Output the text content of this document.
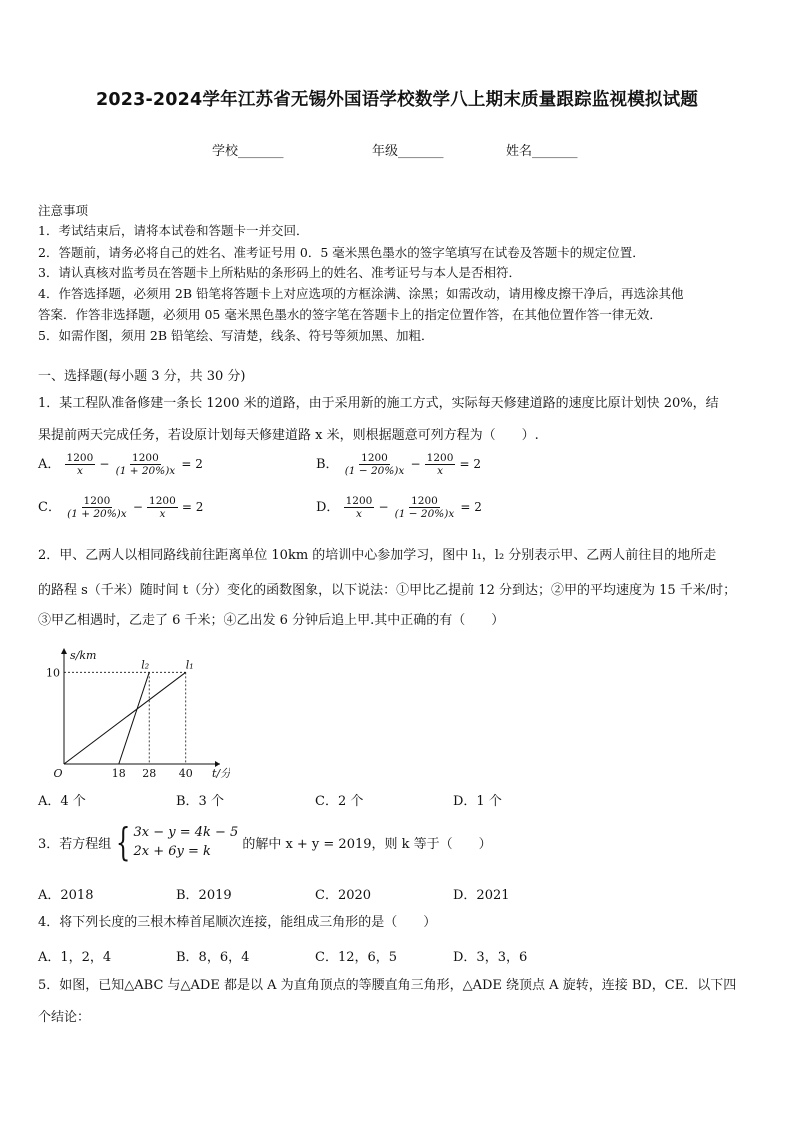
2023-2024学年江苏省无锡外国语学校数学八上期末质量跟踪监视模拟试题
学校_______	年级_______	姓名_______
注意事项
1．考试结束后，请将本试卷和答题卡一并交回．
2．答题前，请务必将自己的姓名、准考证号用 0．5 毫米黑色墨水的签字笔填写在试卷及答题卡的规定位置．
3．请认真核对监考员在答题卡上所粘贴的条形码上的姓名、准考证号与本人是否相符．
4．作答选择题，必须用 2B 铅笔将答题卡上对应选项的方框涂满、涂黑；如需改动，请用橡皮擦干净后，再选涂其他
答案．作答非选择题，必须用 05 毫米黑色墨水的签字笔在答题卡上的指定位置作答，在其他位置作答一律无效．
5．如需作图，须用 2B 铅笔绘、写清楚，线条、符号等须加黑、加粗．
一、选择题(每小题 3 分，共 30 分)
1．某工程队准备修建一条长 1200 米的道路，由于采用新的施工方式，实际每天修建道路的速度比原计划快 20%，结
果提前两天完成任务，若设原计划每天修建道路 x 米，则根据题意可列方程为（　　）.
A． $\frac{1200}{x} - \frac{1200}{(1 + 20\%)x} = 2$	B． $\frac{1200}{(1 - 20\%)x} - \frac{1200}{x} = 2$
C． $\frac{1200}{(1 + 20\%)x} - \frac{1200}{x} = 2$	D． $\frac{1200}{x} - \frac{1200}{(1 - 20\%)x} = 2$
2．甲、乙两人以相同路线前往距离单位 10km 的培训中心参加学习，图中 l₁，l₂ 分别表示甲、乙两人前往目的地所走
的路程 s（千米）随时间 t（分）变化的函数图象，以下说法：①甲比乙提前 12 分到达；②甲的平均速度为 15 千米/时；
③甲乙相遇时，乙走了 6 千米；④乙出发 6 分钟后追上甲.其中正确的有（　　）
l₁
l₂
O	18 28 40
10
s/km
t/分
A．4 个	B．3 个	C．2 个	D．1 个
3．若方程组 { 3x − y = 4k − 5
2x + 6y = k	的解中 x + y = 2019，则 k 等于（　　）
A．2018	B．2019	C．2020	D．2021
4．将下列长度的三根木棒首尾顺次连接，能组成三角形的是（　　）
A．1，2，4	B．8，6，4	C．12，6，5	D．3，3，6
5．如图，已知△ABC 与△ADE 都是以 A 为直角顶点的等腰直角三角形，△ADE 绕顶点 A 旋转，连接 BD，CE．以下四
个结论：
